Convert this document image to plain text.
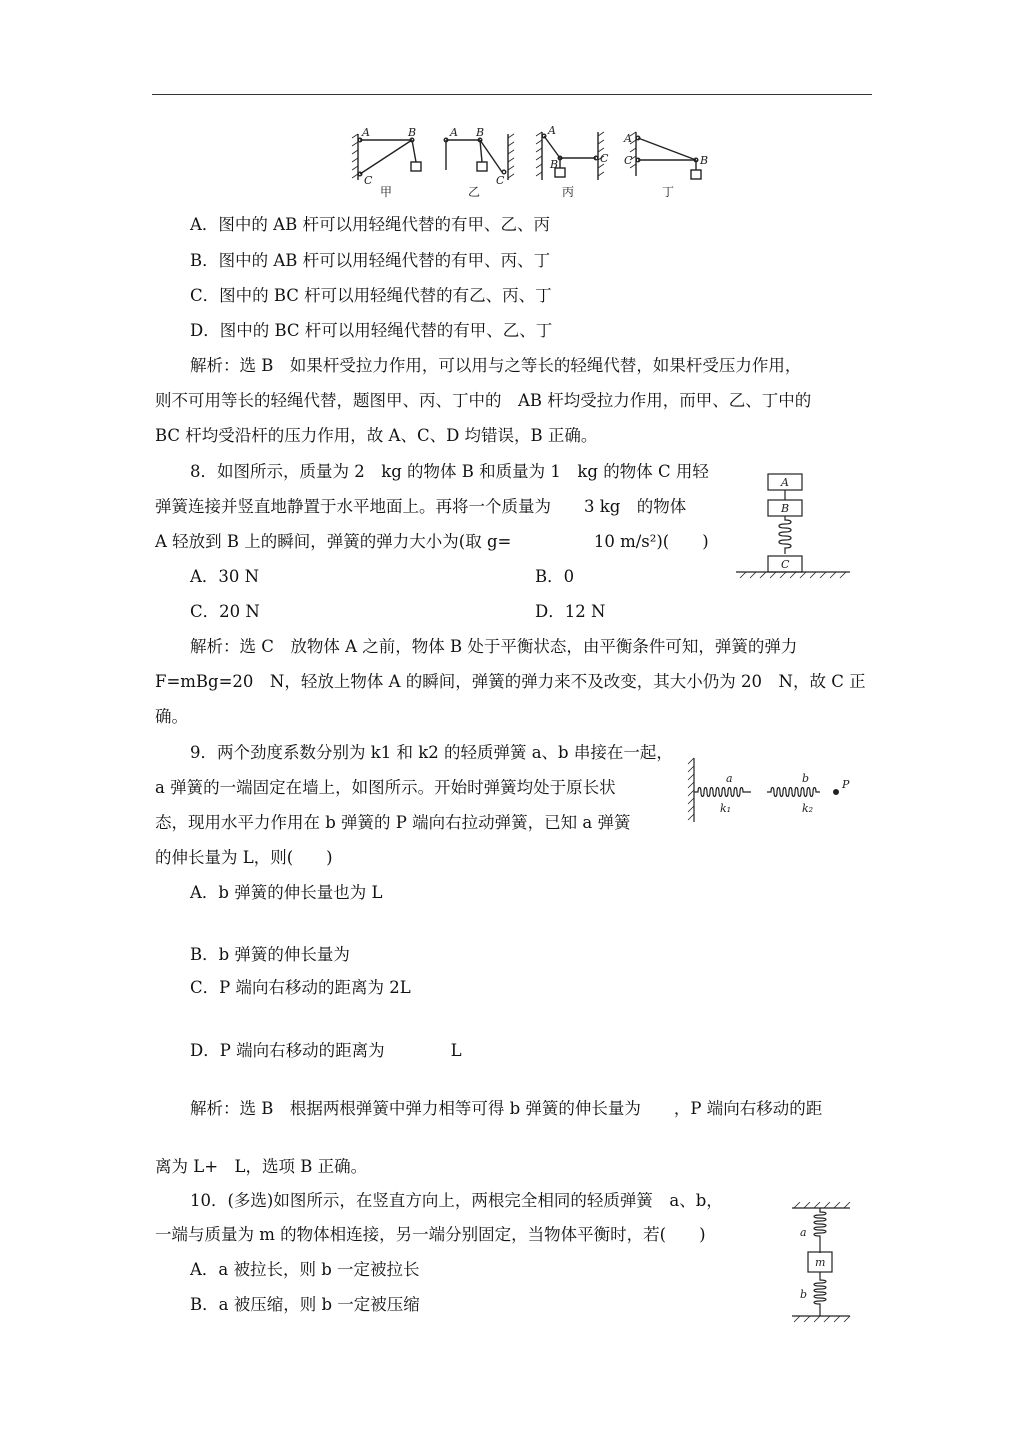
A	B
C
A B
C
A
B	C
A
C	B
甲	乙	丙	丁
A．图中的 AB 杆可以用轻绳代替的有甲、乙、丙
B．图中的 AB 杆可以用轻绳代替的有甲、丙、丁
C．图中的 BC 杆可以用轻绳代替的有乙、丙、丁
D．图中的 BC 杆可以用轻绳代替的有甲、乙、丁
解析：选 B　如果杆受拉力作用，可以用与之等长的轻绳代替，如果杆受压力作用，
则不可用等长的轻绳代替，题图甲、丙、丁中的　AB 杆均受拉力作用，而甲、乙、丁中的
BC 杆均受沿杆的压力作用，故 A、C、D 均错误，B 正确。
8．如图所示，质量为 2　kg 的物体 B 和质量为 1　kg 的物体 C 用轻
弹簧连接并竖直地静置于水平地面上。再将一个质量为　　3 kg　的物体
A 轻放到 B 上的瞬间，弹簧的弹力大小为(取 g=　　　　　10 m/s²)(　　)
A．30 N	B．0
C．20 N	D．12 N
解析：选 C　放物体 A 之前，物体 B 处于平衡状态，由平衡条件可知，弹簧的弹力
F=mBg=20　N，轻放上物体 A 的瞬间，弹簧的弹力来不及改变，其大小仍为 20　N，故 C 正
确。
A
B
C
9．两个劲度系数分别为 k1 和 k2 的轻质弹簧 a、b 串接在一起，
a 弹簧的一端固定在墙上，如图所示。开始时弹簧均处于原长状
态，现用水平力作用在 b 弹簧的 P 端向右拉动弹簧，已知 a 弹簧
的伸长量为 L，则(　　)
A．b 弹簧的伸长量也为 L
B．b 弹簧的伸长量为
C．P 端向右移动的距离为 2L
D．P 端向右移动的距离为　　　　L
解析：选 B　根据两根弹簧中弹力相等可得 b 弹簧的伸长量为　　，P 端向右移动的距
离为 L+　L，选项 B 正确。
a	b
k₁	k₂
P
10．(多选)如图所示，在竖直方向上，两根完全相同的轻质弹簧　a、b，
一端与质量为 m 的物体相连接，另一端分别固定，当物体平衡时，若(　　)
A．a 被拉长，则 b 一定被拉长
B．a 被压缩，则 b 一定被压缩
a
m
b
